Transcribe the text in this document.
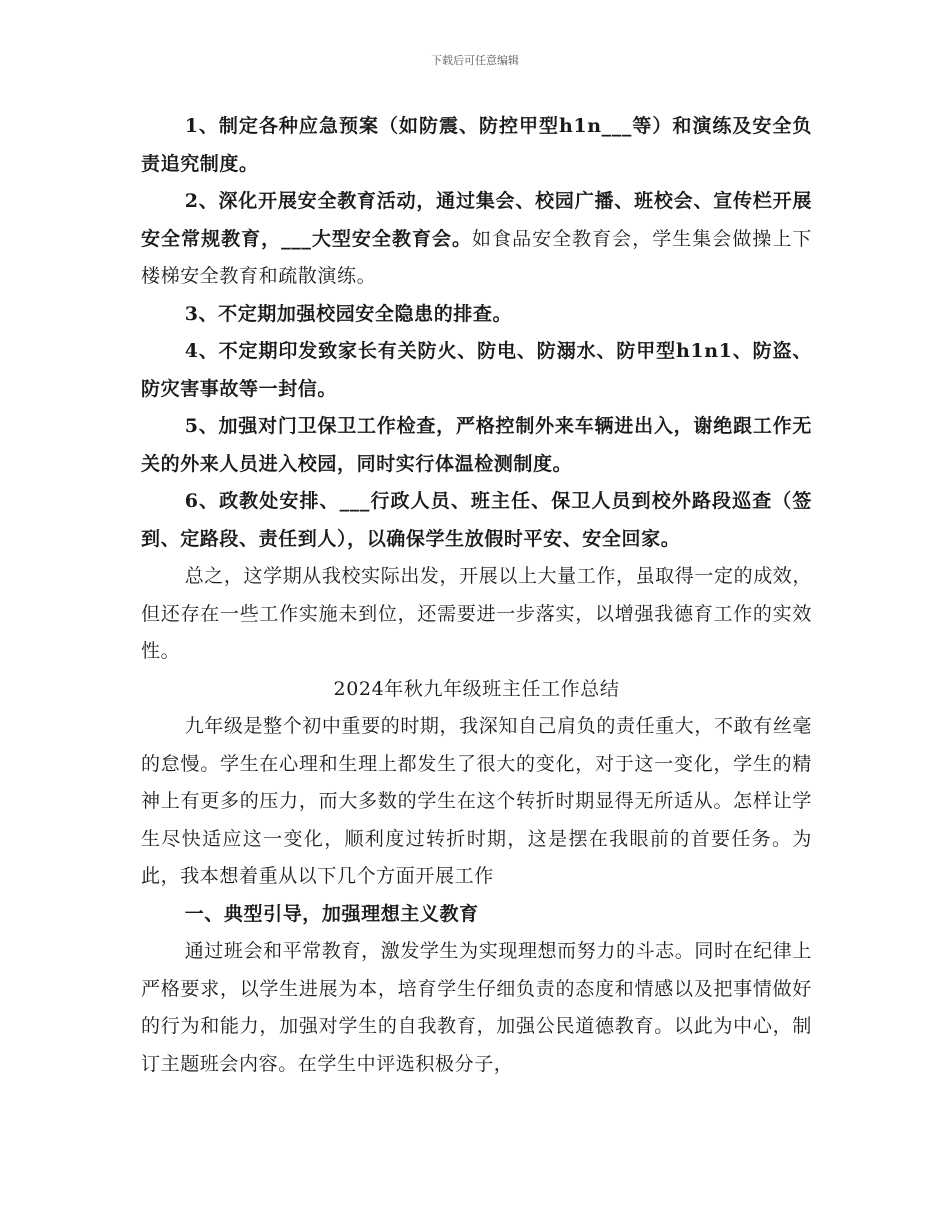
下载后可任意编辑

1、制定各种应急预案（如防震、防控甲型h1n___等）和演练及安全负责追究制度。

2、深化开展安全教育活动，通过集会、校园广播、班校会、宣传栏开展安全常规教育，___大型安全教育会。如食品安全教育会，学生集会做操上下楼梯安全教育和疏散演练。

3、不定期加强校园安全隐患的排查。

4、不定期印发致家长有关防火、防电、防溺水、防甲型h1n1、防盗、防灾害事故等一封信。

5、加强对门卫保卫工作检查，严格控制外来车辆进出入，谢绝跟工作无关的外来人员进入校园，同时实行体温检测制度。

6、政教处安排、___行政人员、班主任、保卫人员到校外路段巡查（签到、定路段、责任到人），以确保学生放假时平安、安全回家。

总之，这学期从我校实际出发，开展以上大量工作，虽取得一定的成效，但还存在一些工作实施未到位，还需要进一步落实，以增强我德育工作的实效性。

2024年秋九年级班主任工作总结

九年级是整个初中重要的时期，我深知自己肩负的责任重大，不敢有丝毫的怠慢。学生在心理和生理上都发生了很大的变化，对于这一变化，学生的精神上有更多的压力，而大多数的学生在这个转折时期显得无所适从。怎样让学生尽快适应这一变化，顺利度过转折时期，这是摆在我眼前的首要任务。为此，我本想着重从以下几个方面开展工作

一、典型引导，加强理想主义教育

通过班会和平常教育，激发学生为实现理想而努力的斗志。同时在纪律上严格要求，以学生进展为本，培育学生仔细负责的态度和情感以及把事情做好的行为和能力，加强对学生的自我教育，加强公民道德教育。以此为中心，制订主题班会内容。在学生中评选积极分子，
